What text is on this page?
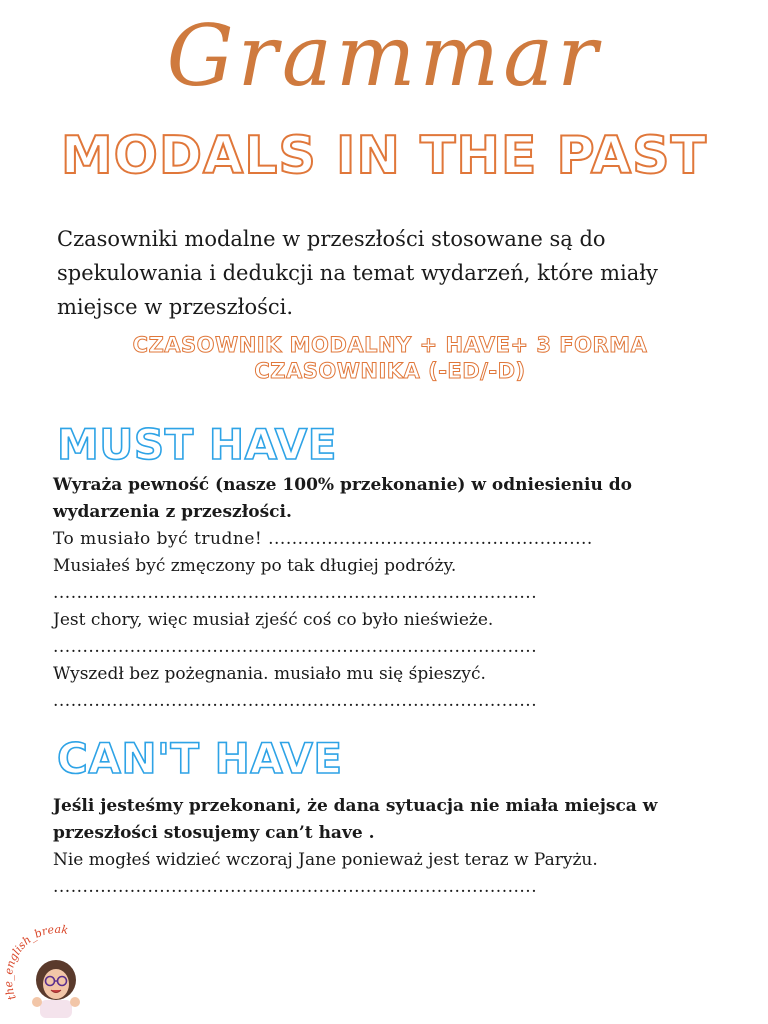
Grammar
MODALS IN THE PAST
Czasowniki modalne w przeszłości stosowane są do spekulowania i dedukcji na temat wydarzeń, które miały miejsce w przeszłości.
CZASOWNIK MODALNY + HAVE+ 3 FORMA
CZASOWNIKA (-ED/-D)
MUST HAVE

Wyraża pewność (nasze 100% przekonanie) w odniesieniu do wydarzenia z przeszłości.

To musiało być trudne! .......................................................

Musiałeś być zmęczony po tak długiej podróży.

..................................................................................

Jest chory, więc musiał zjeść coś co było nieświeże.

..................................................................................

Wyszedł bez pożegnania. musiało mu się śpieszyć.

..................................................................................

CAN'T HAVE

Jeśli jesteśmy przekonani, że dana sytuacja nie miała miejsca w przeszłości stosujemy can’t have .

Nie mogłeś widzieć wczoraj Jane ponieważ jest teraz w Paryżu.

..................................................................................

th nglish_break
